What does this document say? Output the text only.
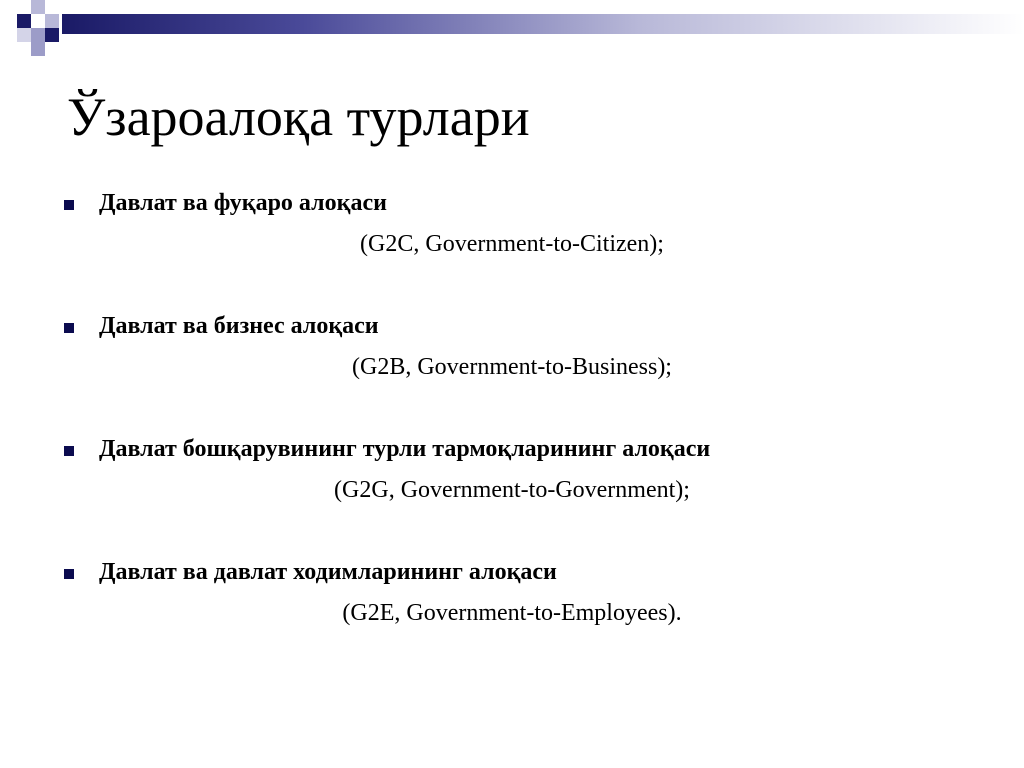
Ўзароалоқа турлари
Давлат ва фуқаро алоқаси
(G2C, Government-to-Citizen);
Давлат ва бизнес алоқаси
(G2B, Government-to-Business);
Давлат бошқарувининг турли тармоқларининг алоқаси
(G2G, Government-to-Government);
Давлат ва давлат ходимларининг алоқаси
(G2E, Government-to-Employees).
